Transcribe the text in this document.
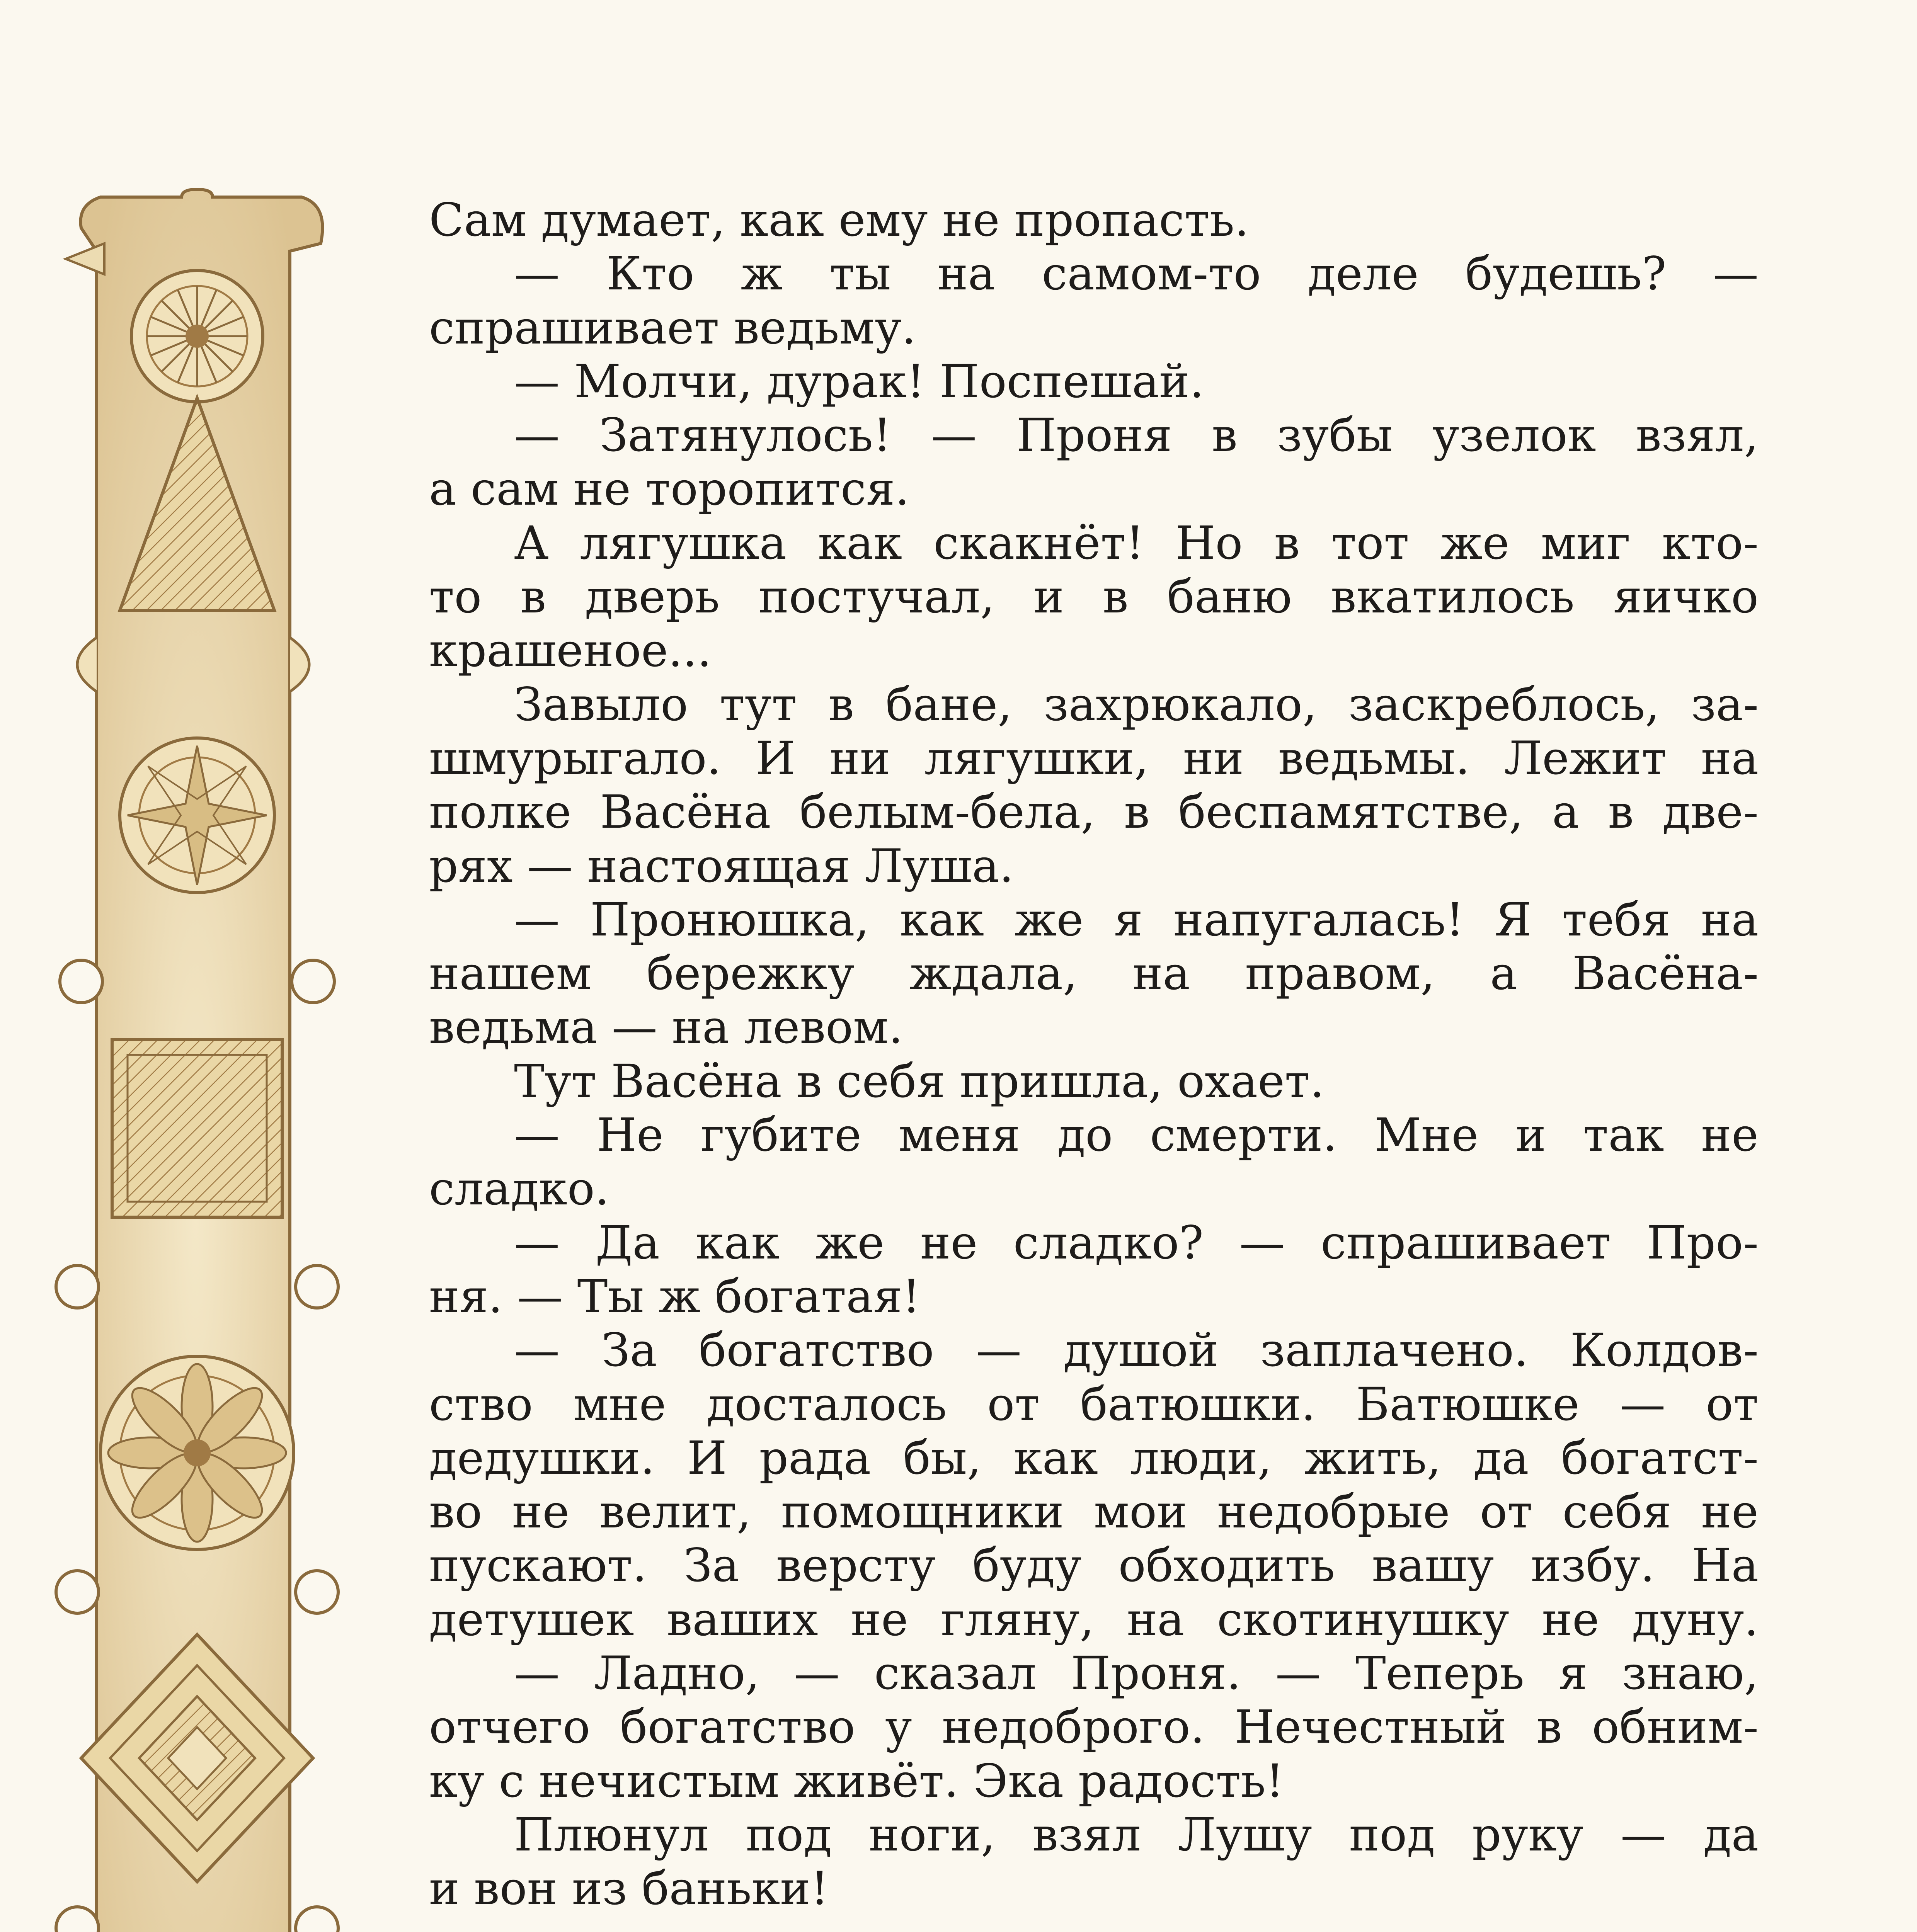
Сам думает, как ему не пропасть.
— Кто ж ты на самом-то деле будешь? —
спрашивает ведьму.
— Молчи, дурак! Поспешай.
— Затянулось! — Проня в зубы узелок взял,
а сам не торопится.
А лягушка как скакнёт! Но в тот же миг кто-
то в дверь постучал, и в баню вкатилось яичко
крашеное...
Завыло тут в бане, захрюкало, заскреблось, за-
шмурыгало. И ни лягушки, ни ведьмы. Лежит на
полке Васёна белым-бела, в беспамятстве, а в две-
рях — настоящая Луша.
— Пронюшка, как же я напугалась! Я тебя на
нашем бережку ждала, на правом, а Васёна-
ведьма — на левом.
Тут Васёна в себя пришла, охает.
— Не губите меня до смерти. Мне и так не
сладко.
— Да как же не сладко? — спрашивает Про-
ня. — Ты ж богатая!
— За богатство — душой заплачено. Колдов-
ство мне досталось от батюшки. Батюшке — от
дедушки. И рада бы, как люди, жить, да богатст-
во не велит, помощники мои недобрые от себя не
пускают. За версту буду обходить вашу избу. На
детушек ваших не гляну, на скотинушку не дуну.
— Ладно, — сказал Проня. — Теперь я знаю,
отчего богатство у недоброго. Нечестный в обним-
ку с нечистым живёт. Эка радость!
Плюнул под ноги, взял Лушу под руку — да
и вон из баньки!
